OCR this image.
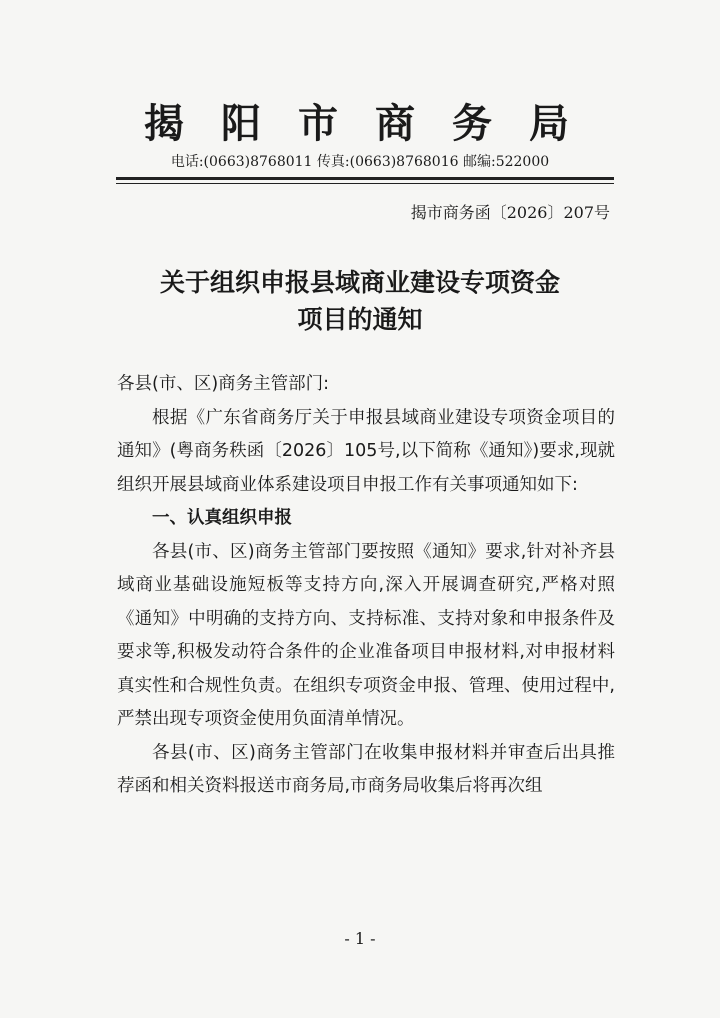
揭阳市商务局
电话:(0663)8768011 传真:(0663)8768016 邮编:522000
揭市商务函〔2026〕207号
关于组织申报县域商业建设专项资金
项目的通知

各县(市、区)商务主管部门:

根据《广东省商务厅关于申报县域商业建设专项资金项目的通知》(粤商务秩函〔2026〕105号,以下简称《通知》)要求,现就组织开展县域商业体系建设项目申报工作有关事项通知如下:

一、认真组织申报

各县(市、区)商务主管部门要按照《通知》要求,针对补齐县域商业基础设施短板等支持方向,深入开展调查研究,严格对照《通知》中明确的支持方向、支持标准、支持对象和申报条件及要求等,积极发动符合条件的企业准备项目申报材料,对申报材料真实性和合规性负责。在组织专项资金申报、管理、使用过程中,严禁出现专项资金使用负面清单情况。

各县(市、区)商务主管部门在收集申报材料并审查后出具推荐函和相关资料报送市商务局,市商务局收集后将再次组

- 1 -
